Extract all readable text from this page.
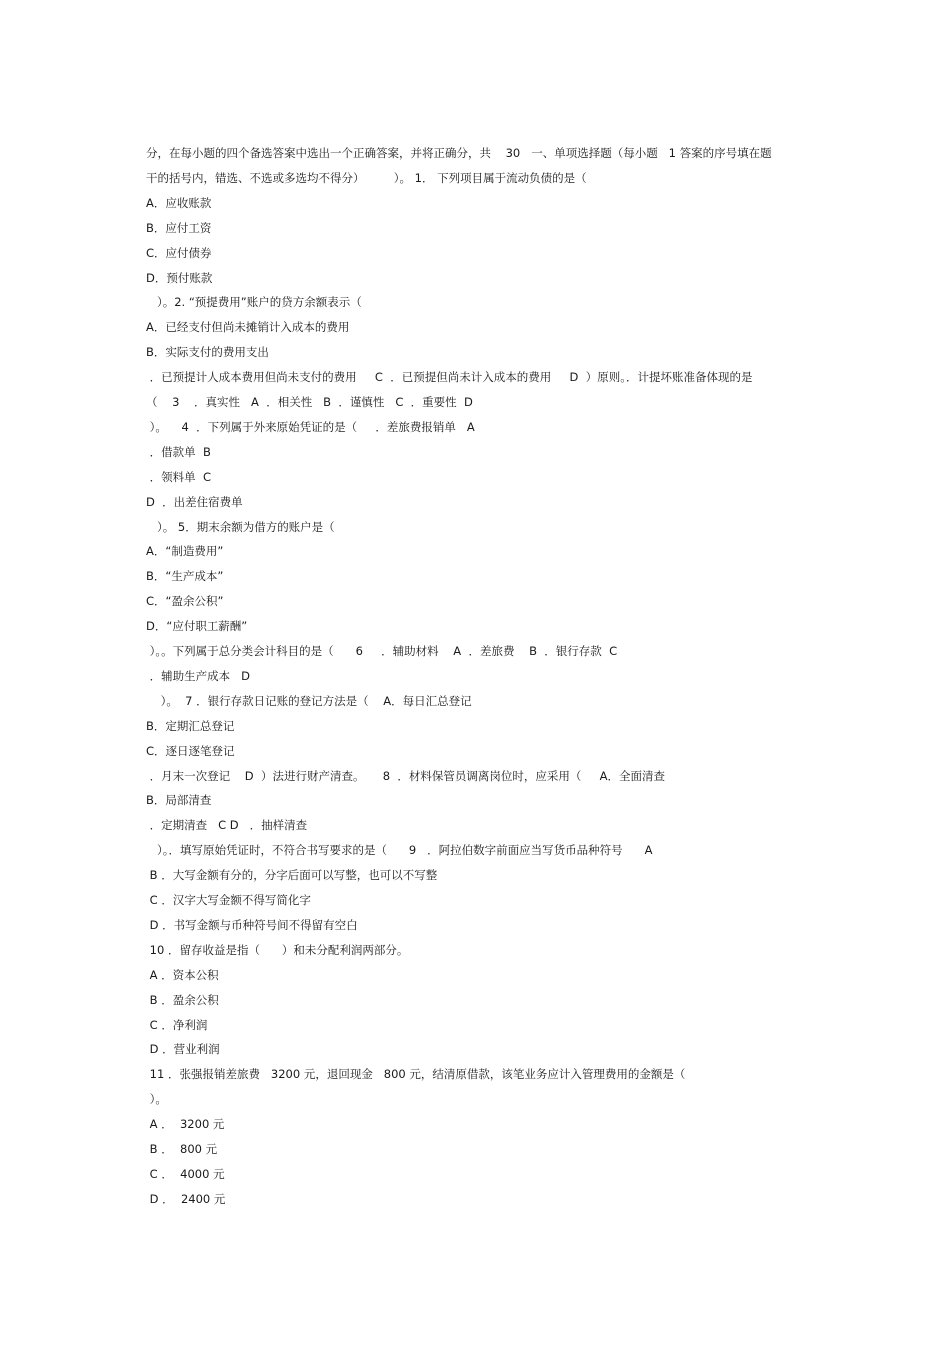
分，在每小题的四个备选答案中选出一个正确答案，并将正确分，共    30   一、单项选择题（每小题   1 答案的序号填在题
干的括号内，错选、不选或多选均不得分）        ）。 1． 下列项目属于流动负债的是（
A．应收账款
B．应付工资
C．应付债券
D．预付账款
）。2. “预提费用”账户的贷方余额表示（
A．已经支付但尚未摊销计入成本的费用
B．实际支付的费用支出
．已预提计人成本费用但尚未支付的费用     C  ．已预提但尚未计入成本的费用     D  ）原则。．计提坏账准备体现的是
（    3    ．真实性   A  ．相关性   B  ．谨慎性   C  ．重要性  D
）。    4  ．下列属于外来原始凭证的是（     ．差旅费报销单   A
．借款单  B
．领料单  C
D  ．出差住宿费单
）。 5．期末余额为借方的账户是（
A．“制造费用”
B．“生产成本”
C．“盈余公积”
D．“应付职工薪酬”
）。。下列属于总分类会计科目的是（      6     ．辅助材料    A  ．差旅费    B  ．银行存款  C
．辅助生产成本   D
）。  7 ．银行存款日记账的登记方法是（    A．每日汇总登记
B．定期汇总登记
C．逐日逐笔登记
．月末一次登记    D  ）法进行财产清查。     8  ．材料保管员调离岗位时，应采用（     A．全面清查
B．局部清查
．定期清查   C D   ．抽样清查
）。．填写原始凭证时，不符合书写要求的是（      9   ．阿拉伯数字前面应当写货币品种符号      A
B ．大写金额有分的，分字后面可以写整，也可以不写整
C ．汉字大写金额不得写简化字
D ．书写金额与币种符号间不得留有空白
10 ．留存收益是指（      ）和未分配利润两部分。
A ．资本公积
B ．盈余公积
C ．净利润
D ．营业利润
11 ．张强报销差旅费   3200 元，退回现金   800 元，结清原借款，该笔业务应计入管理费用的金额是（
）。
A ．  3200 元
B ．  800 元
C ．  4000 元
D ．  2400 元
